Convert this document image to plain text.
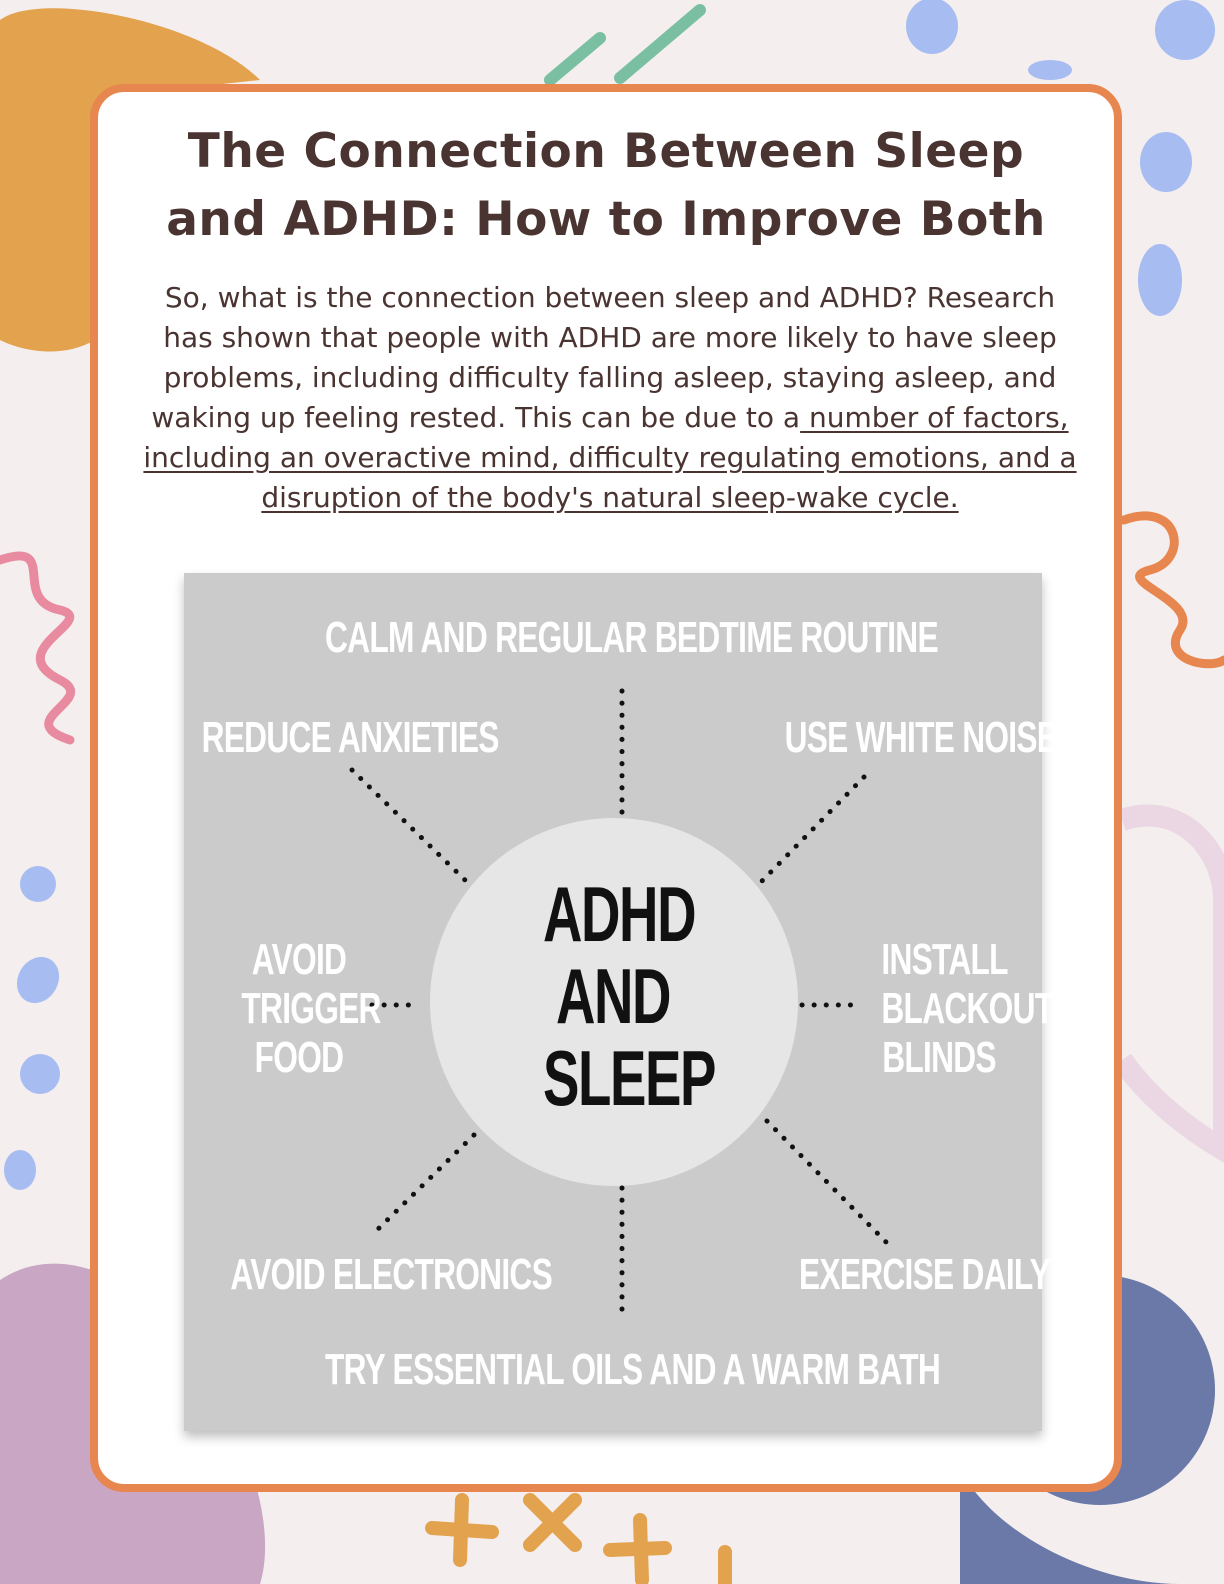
The Connection Between Sleep
and ADHD: How to Improve Both

So, what is the connection between sleep and ADHD? Research has shown that people with ADHD are more likely to have sleep problems, including difficulty falling asleep, staying asleep, and waking up feeling rested. This can be due to a number of factors, including an overactive mind, difficulty regulating emotions, and a disruption of the body's natural sleep-wake cycle.

ADHD
AND
SLEEP
CALM AND REGULAR BEDTIME ROUTINE
REDUCE ANXIETIES	USE WHITE NOISE
AVOID
TRIGGER
FOOD
INSTALL
BLACKOUT
BLINDS
AVOID ELECTRONICS	EXERCISE DAILY
TRY ESSENTIAL OILS AND A WARM BATH
